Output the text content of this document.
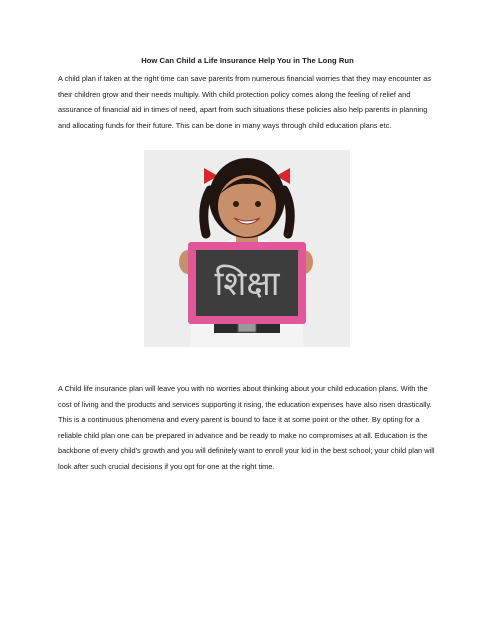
How Can Child a Life Insurance Help You in The Long Run

A child plan if taken at the right time can save parents from numerous financial worries that they may encounter as their children grow and their needs multiply. With child protection policy comes along the feeling of relief and assurance of financial aid in times of need, apart from such situations these policies also help parents in planning and allocating funds for their future. This can be done in many ways through child education plans etc.

शिक्षा

A Child life insurance plan will leave you with no worries about thinking about your child education plans. With the cost of living and the products and services supporting it rising, the education expenses have also risen drastically. This is a continuous phenomena and every parent is bound to face it at some point or the other. By opting for a reliable child plan one can be prepared in advance and be ready to make no compromises at all. Education is the backbone of every child's growth and you will definitely want to enroll your kid in the best school; your child plan will look after such crucial decisions if you opt for one at the right time.
